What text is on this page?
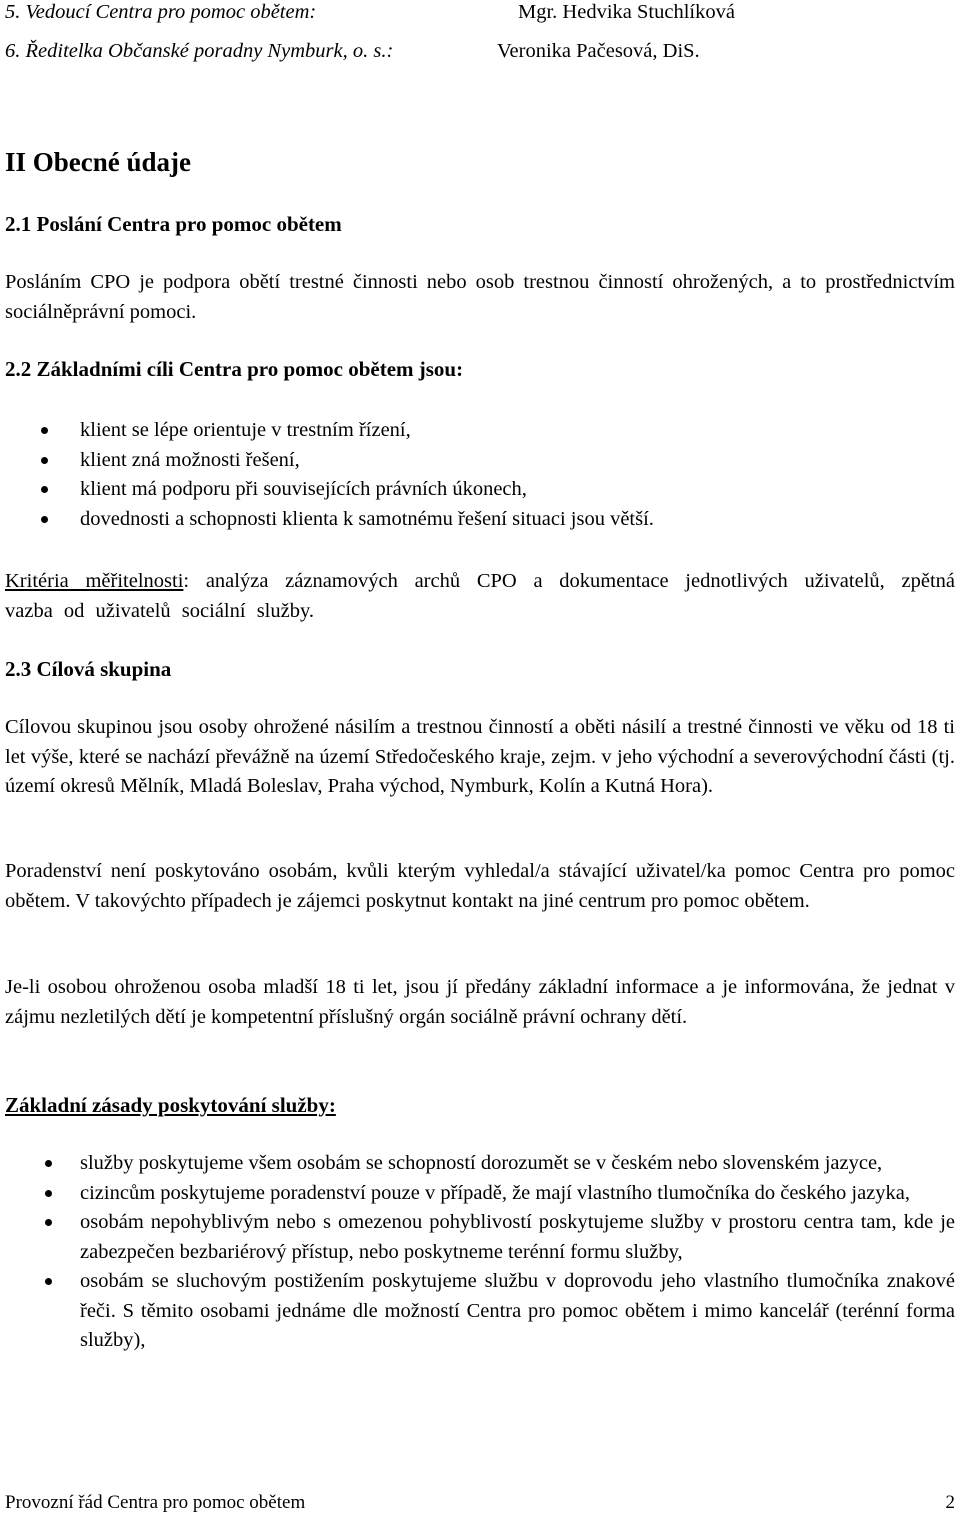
5. Vedoucí Centra pro pomoc obětem:	Mgr. Hedvika Stuchlíková
6. Ředitelka Občanské poradny Nymburk, o. s.:	Veronika Pačesová, DiS.
II Obecné údaje
2.1 Poslání Centra pro pomoc obětem
Posláním CPO je podpora obětí trestné činnosti nebo osob trestnou činností ohrožených, a to prostřednictvím sociálněprávní pomoci.
2.2 Základními cíli Centra pro pomoc obětem jsou:
klient se lépe orientuje v trestním řízení,
klient zná možnosti řešení,
klient má podporu při souvisejících právních úkonech,
dovednosti a schopnosti klienta k samotnému řešení situaci jsou větší.
Kritéria měřitelnosti: analýza záznamových archů CPO a dokumentace jednotlivých uživatelů, zpětná vazba od uživatelů sociální služby.
2.3 Cílová skupina
Cílovou skupinou jsou osoby ohrožené násilím a trestnou činností a oběti násilí a trestné činnosti ve věku od 18 ti let výše, které se nachází převážně na území Středočeského kraje, zejm. v jeho východní a severovýchodní části (tj. území okresů Mělník, Mladá Boleslav, Praha východ, Nymburk, Kolín a Kutná Hora).
Poradenství není poskytováno osobám, kvůli kterým vyhledal/a stávající uživatel/ka pomoc Centra pro pomoc obětem. V takovýchto případech je zájemci poskytnut kontakt na jiné centrum pro pomoc obětem.
Je-li osobou ohroženou osoba mladší 18 ti let, jsou jí předány základní informace a je informována, že jednat v zájmu nezletilých dětí je kompetentní příslušný orgán sociálně právní ochrany dětí.
Základní zásady poskytování služby:
služby poskytujeme všem osobám se schopností dorozumět se v českém nebo slovenském jazyce,
cizincům poskytujeme poradenství pouze v případě, že mají vlastního tlumočníka do českého jazyka,
osobám nepohyblivým nebo s omezenou pohyblivostí poskytujeme služby v prostoru centra tam, kde je zabezpečen bezbariérový přístup, nebo poskytneme terénní formu služby,
osobám se sluchovým postižením poskytujeme službu v doprovodu jeho vlastního tlumočníka znakové řeči. S těmito osobami jednáme dle možností Centra pro pomoc obětem i mimo kancelář (terénní forma služby),
Provozní řád Centra pro pomoc obětem	2
